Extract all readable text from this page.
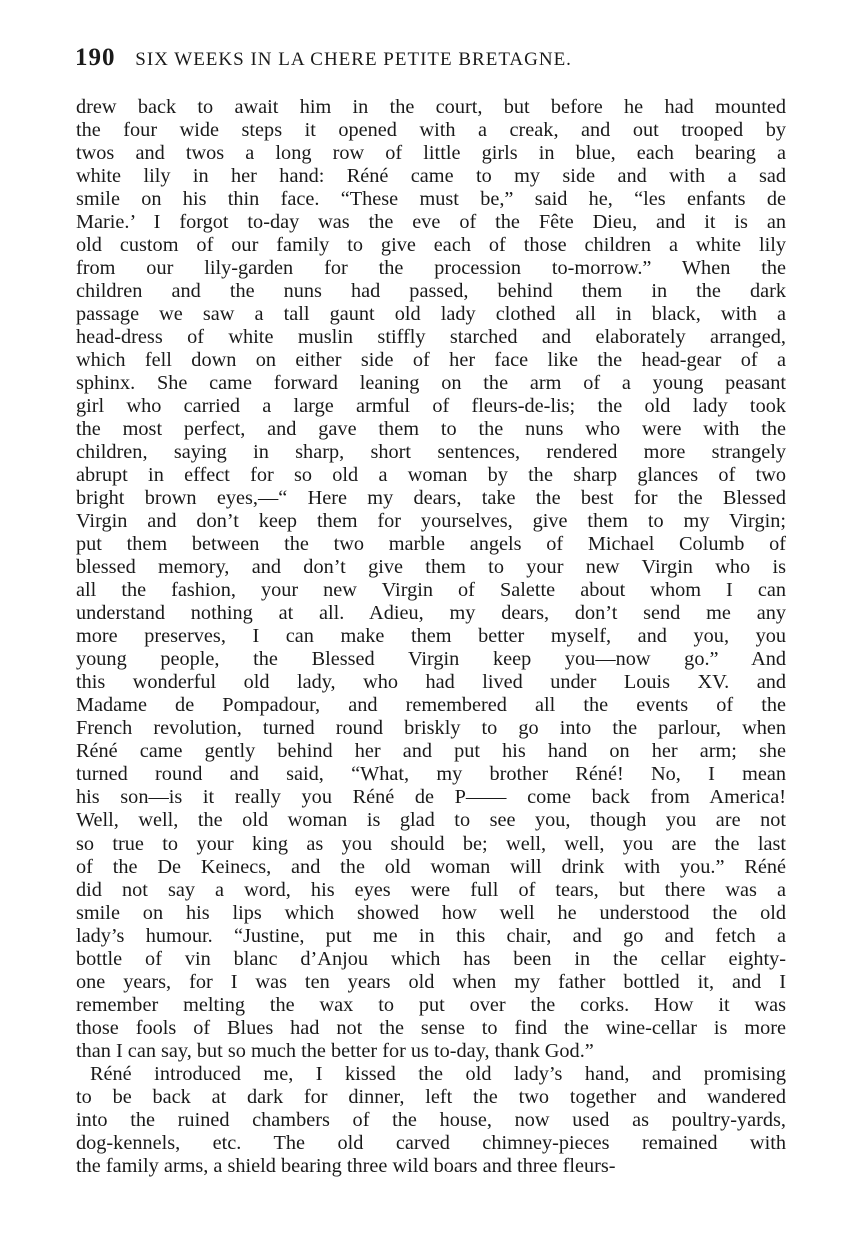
190 SIX WEEKS IN LA CHERE PETITE BRETAGNE.
drew back to await him in the court, but before he had mounted
the four wide steps it opened with a creak, and out trooped by
twos and twos a long row of little girls in blue, each bearing a
white lily in her hand: Réné came to my side and with a sad
smile on his thin face. “These must be,” said he, “les enfants de
Marie.’ I forgot to-day was the eve of the Fête Dieu, and it is an
old custom of our family to give each of those children a white lily
from our lily-garden for the procession to-morrow.” When the
children and the nuns had passed, behind them in the dark
passage we saw a tall gaunt old lady clothed all in black, with a
head-dress of white muslin stiffly starched and elaborately arranged,
which fell down on either side of her face like the head-gear of a
sphinx. She came forward leaning on the arm of a young peasant
girl who carried a large armful of fleurs-de-lis; the old lady took
the most perfect, and gave them to the nuns who were with the
children, saying in sharp, short sentences, rendered more strangely
abrupt in effect for so old a woman by the sharp glances of two
bright brown eyes,—“ Here my dears, take the best for the Blessed
Virgin and don’t keep them for yourselves, give them to my Virgin;
put them between the two marble angels of Michael Columb of
blessed memory, and don’t give them to your new Virgin who is
all the fashion, your new Virgin of Salette about whom I can
understand nothing at all. Adieu, my dears, don’t send me any
more preserves, I can make them better myself, and you, you
young people, the Blessed Virgin keep you—now go.” And
this wonderful old lady, who had lived under Louis XV. and
Madame de Pompadour, and remembered all the events of the
French revolution, turned round briskly to go into the parlour, when
Réné came gently behind her and put his hand on her arm; she
turned round and said, “What, my brother Réné! No, I mean
his son—is it really you Réné de P—— come back from America!
Well, well, the old woman is glad to see you, though you are not
so true to your king as you should be; well, well, you are the last
of the De Keinecs, and the old woman will drink with you.” Réné
did not say a word, his eyes were full of tears, but there was a
smile on his lips which showed how well he understood the old
lady’s humour. “Justine, put me in this chair, and go and fetch a
bottle of vin blanc d’Anjou which has been in the cellar eighty-
one years, for I was ten years old when my father bottled it, and I
remember melting the wax to put over the corks. How it was
those fools of Blues had not the sense to find the wine-cellar is more
than I can say, but so much the better for us to-day, thank God.”
Réné introduced me, I kissed the old lady’s hand, and promising
to be back at dark for dinner, left the two together and wandered
into the ruined chambers of the house, now used as poultry-yards,
dog-kennels, etc. The old carved chimney-pieces remained with
the family arms, a shield bearing three wild boars and three fleurs-
